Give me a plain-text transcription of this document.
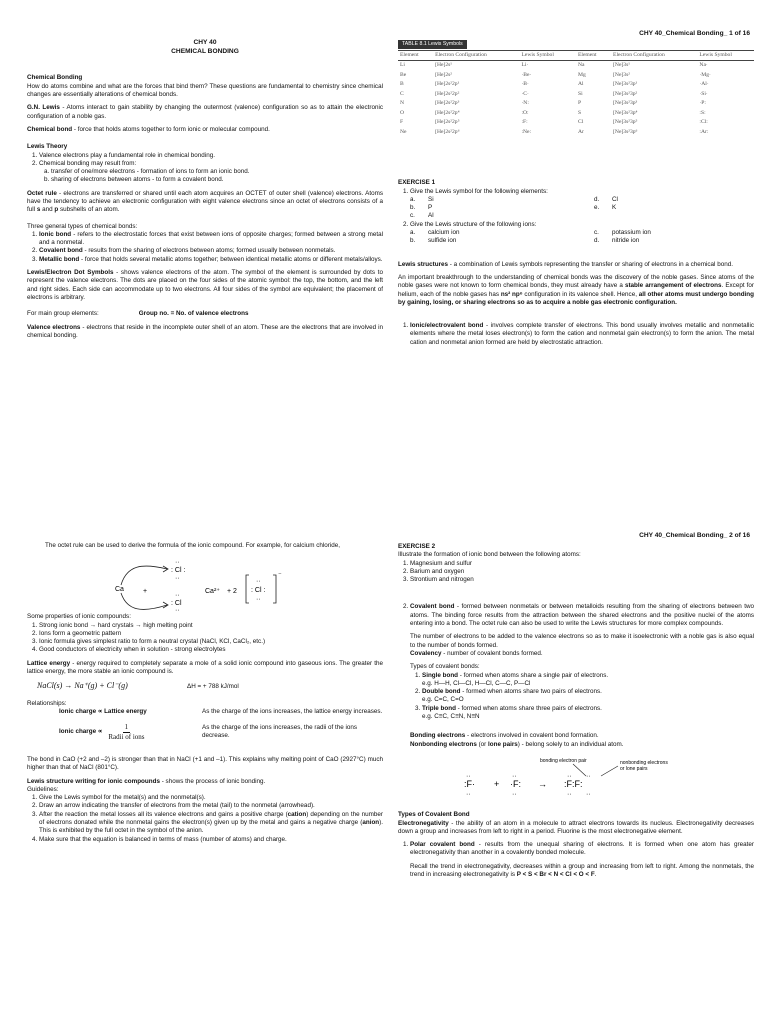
CHY 40_Chemical Bonding_ 1 of 16
CHY 40
CHEMICAL BONDING
Chemical Bonding

How do atoms combine and what are the forces that bind them? These questions are fundamental to chemistry since chemical changes are essentially alterations of chemical bonds.

G.N. Lewis - Atoms interact to gain stability by changing the outermost (valence) configuration so as to attain the electronic configuration of a noble gas.

Chemical bond - force that holds atoms together to form ionic or molecular compound.

Lewis Theory
1. Valence electrons play a fundamental role in chemical bonding.
2. Chemical bonding may result from:
a. transfer of one/more electrons - formation of ions to form an ionic bond.
b. sharing of electrons between atoms - to form a covalent bond.

Octet rule - electrons are transferred or shared until each atom acquires an OCTET of outer shell (valence) electrons. Atoms have the tendency to achieve an electronic configuration with eight valence electrons since an octet of electrons consists of a full s and p subshells of an atom.

Three general types of chemical bonds:
1. Ionic bond - refers to the electrostatic forces that exist between ions of opposite charges; formed between a strong metal and a nonmetal.
2. Covalent bond - results from the sharing of electrons between atoms; formed usually between nonmetals.
3. Metallic bond - force that holds several metallic atoms together; between identical metallic atoms or different metals/alloys.

Lewis/Electron Dot Symbols - shows valence electrons of the atom. The symbol of the element is surrounded by dots to represent the valence electrons. The dots are placed on the four sides of the atomic symbol: the top, the bottom, and the left and right sides. Each side can accommodate up to two electrons. All four sides of the symbol are equivalent; the placement of electrons is arbitrary.

For main group elements:	Group no. = No. of valence electrons

Valence electrons - electrons that reside in the incomplete outer shell of an atom. These are the electrons that are involved in chemical bonding.

TABLE 8.1 Lewis Symbols
Element	Electron Configuration	Lewis Symbol	Element	Electron Configuration	Lewis Symbol
Li	[He]2s¹	Li·	Na	[Ne]3s¹	Na·
Be	[He]2s²	·Be·	Mg	[Ne]3s²	·Mg·
B	[He]2s²2p¹	·B·	Al	[Ne]3s²3p¹	·Al·
C	[He]2s²2p²	·C·	Si	[Ne]3s²3p²	·Si·
N	[He]2s²2p³	·N:	P	[Ne]3s²3p³	·P:
O	[He]2s²2p⁴	:O:	S	[Ne]3s²3p⁴	:S:
F	[He]2s²2p⁵	:F:	Cl	[Ne]3s²3p⁵	:Cl:
Ne	[He]2s²2p⁶	:Ne:	Ar	[Ne]3s²3p⁶	:Ar:
EXERCISE 1
1. Give the Lewis symbol for the following elements:
a.	Si	d.	Cl
b.	P	e.	K
c.	Al
2. Give the Lewis structure of the following ions:
a.	calcium ion	c.	potassium ion
b.	sulfide ion	d.	nitride ion

Lewis structures - a combination of Lewis symbols representing the transfer or sharing of electrons in a chemical bond.

An important breakthrough to the understanding of chemical bonds was the discovery of the noble gases. Since atoms of the noble gases were not known to form chemical bonds, they must already have a stable arrangement of electrons. Except for helium, each of the noble gases has ns² np⁶ configuration in its valence shell. Hence, all other atoms must undergo bonding by gaining, losing, or sharing electrons so as to acquire a noble gas electronic configuration.

1. Ionic/electrovalent bond - involves complete transfer of electrons. This bond usually involves metallic and nonmetallic elements where the metal loses electron(s) to form the cation and nonmetal gain electron(s) to form the anion. The metal cation and nonmetal anion formed are held by electrostatic attraction.
CHY 40_Chemical Bonding_ 2 of 16

The octet rule can be used to derive the formula of the ionic compound. For example, for calcium chloride,

Ca	+
: Cl :
··
··
: Cl
··
··
Ca²⁺ + 2 : Cl :
··
··
⁻
Some properties of ionic compounds:
1. Strong ionic bond → hard crystals → high melting point
2. Ions form a geometric pattern
3. Ionic formula gives simplest ratio to form a neutral crystal (NaCl, KCl, CaCl₂, etc.)
4. Good conductors of electricity when in solution - strong electrolytes

Lattice energy - energy required to completely separate a mole of a solid ionic compound into gaseous ions. The greater the lattice energy, the more stable an ionic compound is.

NaCl(s) → Na⁺(g) + Cl⁻(g)	ΔH = + 788 kJ/mol
Relationships:
Ionic charge ∝ Lattice energy	As the charge of the ions increases, the lattice energy increases.
Ionic charge ∝
1
Radii of ions
As the charge of the ions increases, the radii of the ions decrease.

The bond in CaO (+2 and –2) is stronger than that in NaCl (+1 and –1). This explains why melting point of CaO (2927°C) much higher than that of NaCl (801°C).

Lewis structure writing for ionic compounds - shows the process of ionic bonding.

Guidelines:
1. Give the Lewis symbol for the metal(s) and the nonmetal(s).
2. Draw an arrow indicating the transfer of electrons from the metal (tail) to the nonmetal (arrowhead).
3. After the reaction the metal losses all its valence electrons and gains a positive charge (cation) depending on the number of electrons donated while the nonmetal gains the electron(s) given up by the metal and gains a negative charge (anion). This is exhibited by the full octet in the symbol of the anion.
4. Make sure that the equation is balanced in terms of mass (number of atoms) and charge.
EXERCISE 2
Illustrate the formation of ionic bond between the following atoms:
1. Magnesium and sulfur
2. Barium and oxygen
3. Strontium and nitrogen

2. Covalent bond - formed between nonmetals or between metalloids resulting from the sharing of electrons between two atoms. The binding force results from the attraction between the shared electrons and the positive nuclei of the atoms entering into a bond. The octet rule can also be used to write the Lewis structures for more complex compounds.

The number of electrons to be added to the valence electrons so as to make it isoelectronic with a noble gas is also equal to the number of bonds formed.

Covalency - number of covalent bonds formed.

Types of covalent bonds:
1. Single bond - formed when atoms share a single pair of electrons.
e.g. H—H, Cl—Cl, H—Cl, C—C, P—Cl
2. Double bond - formed when atoms share two pairs of electrons.
e.g. C=C, C=O
3. Triple bond - formed when atoms share three pairs of electrons.
e.g. C≡C, C≡N, N≡N
Bonding electrons - electrons involved in covalent bond formation.
Nonbonding electrons (or lone pairs) - belong solely to an individual atom.
bonding electron pair	nonbonding electrons
or lone pairs
:F·
··
··
+ ·F:
··
··
→ :F:F:
··
··
··
··
Types of Covalent Bond

Electronegativity - the ability of an atom in a molecule to attract electrons towards its nucleus. Electronegativity decreases down a group and increases from left to right in a period. Fluorine is the most electronegative element.

1. Polar covalent bond - results from the unequal sharing of electrons. It is formed when one atom has greater electronegativity than another in a covalently bonded molecule.

Recall the trend in electronegativity, decreases within a group and increasing from left to right. Among the nonmetals, the trend in increasing electronegativity is P < S < Br < N < Cl < O < F.
